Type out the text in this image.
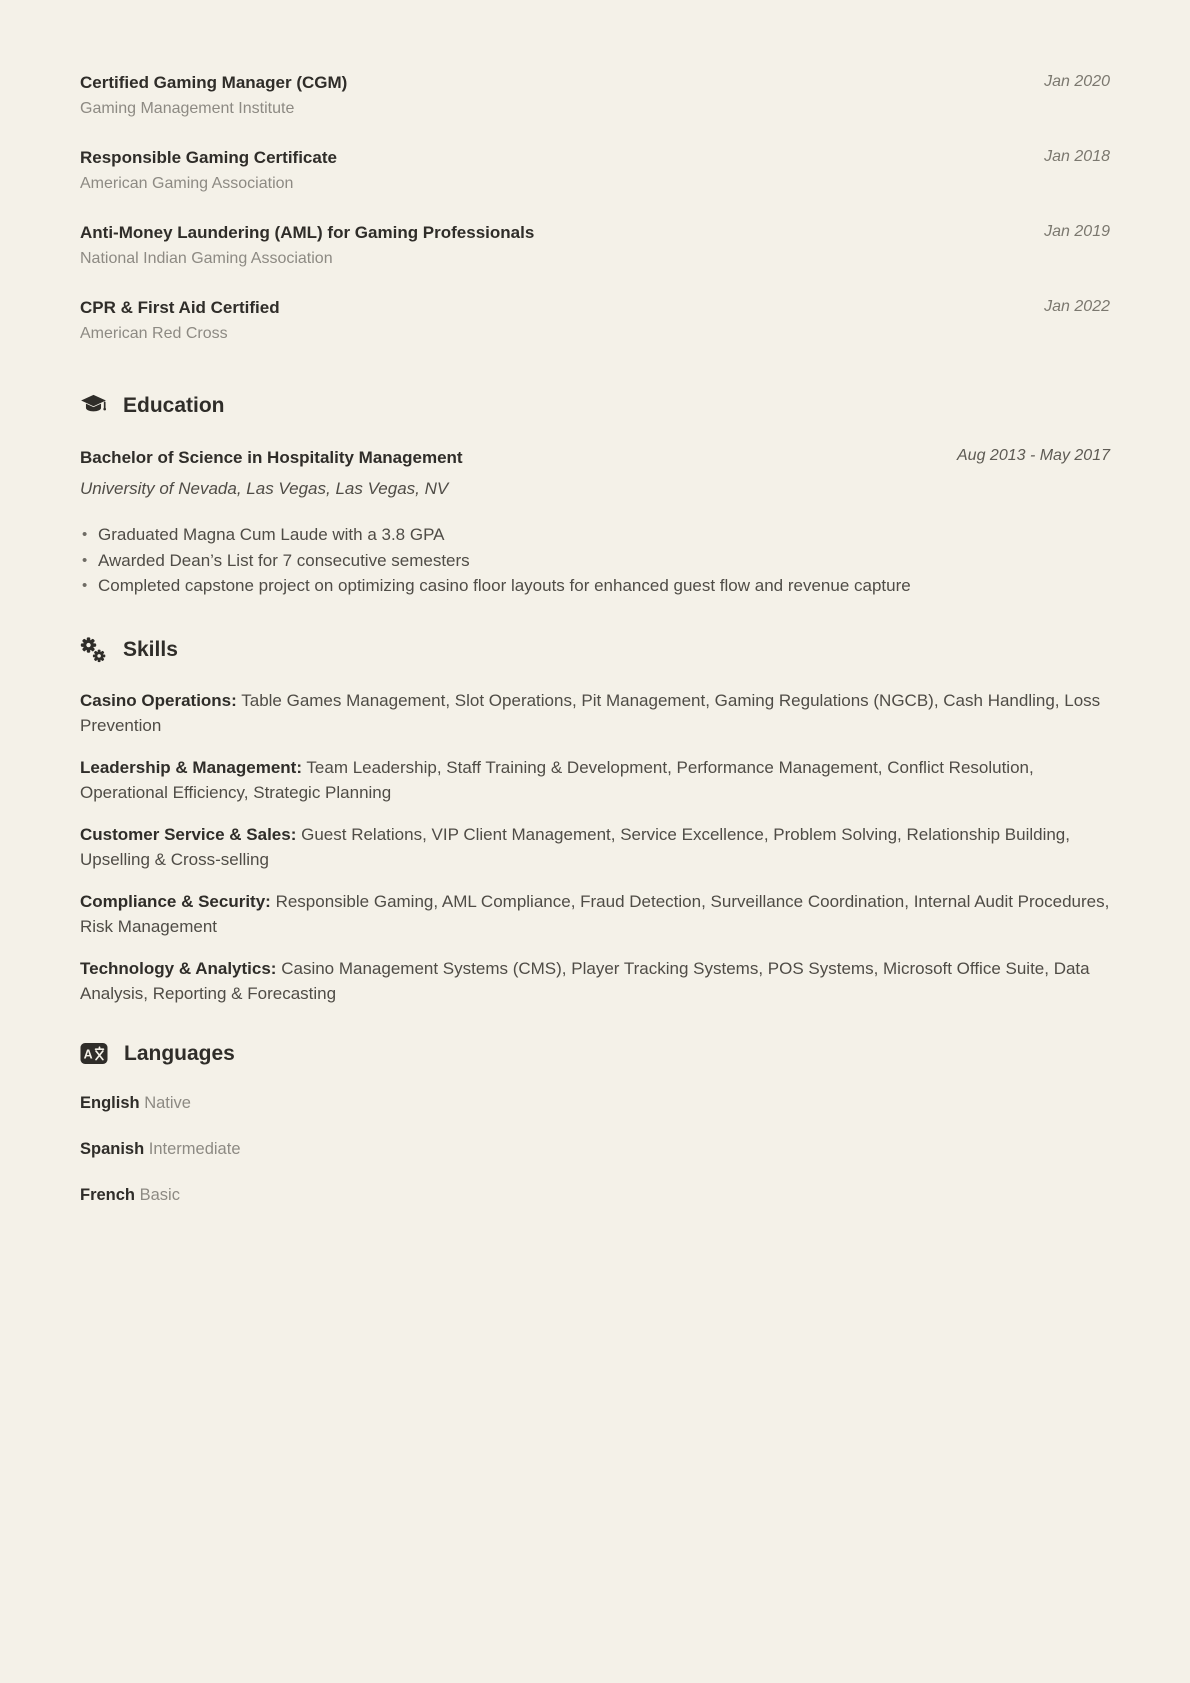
Certified Gaming Manager (CGM)
Gaming Management Institute
Jan 2020
Responsible Gaming Certificate
American Gaming Association
Jan 2018
Anti-Money Laundering (AML) for Gaming Professionals
National Indian Gaming Association
Jan 2019
CPR & First Aid Certified
American Red Cross
Jan 2022
Education
Bachelor of Science in Hospitality Management	Aug 2013 - May 2017
University of Nevada, Las Vegas, Las Vegas, NV
• Graduated Magna Cum Laude with a 3.8 GPA
• Awarded Dean’s List for 7 consecutive semesters
• Completed capstone project on optimizing casino floor layouts for enhanced guest flow and revenue capture
Skills

Casino Operations: Table Games Management, Slot Operations, Pit Management, Gaming Regulations (NGCB), Cash Handling, Loss Prevention

Leadership & Management: Team Leadership, Staff Training & Development, Performance Management, Conflict Resolution, Operational Efficiency, Strategic Planning

Customer Service & Sales: Guest Relations, VIP Client Management, Service Excellence, Problem Solving, Relationship Building, Upselling & Cross-selling

Compliance & Security: Responsible Gaming, AML Compliance, Fraud Detection, Surveillance Coordination, Internal Audit Procedures, Risk Management

Technology & Analytics: Casino Management Systems (CMS), Player Tracking Systems, POS Systems, Microsoft Office Suite, Data Analysis, Reporting & Forecasting

A Languages
English Native
Spanish Intermediate
French Basic
